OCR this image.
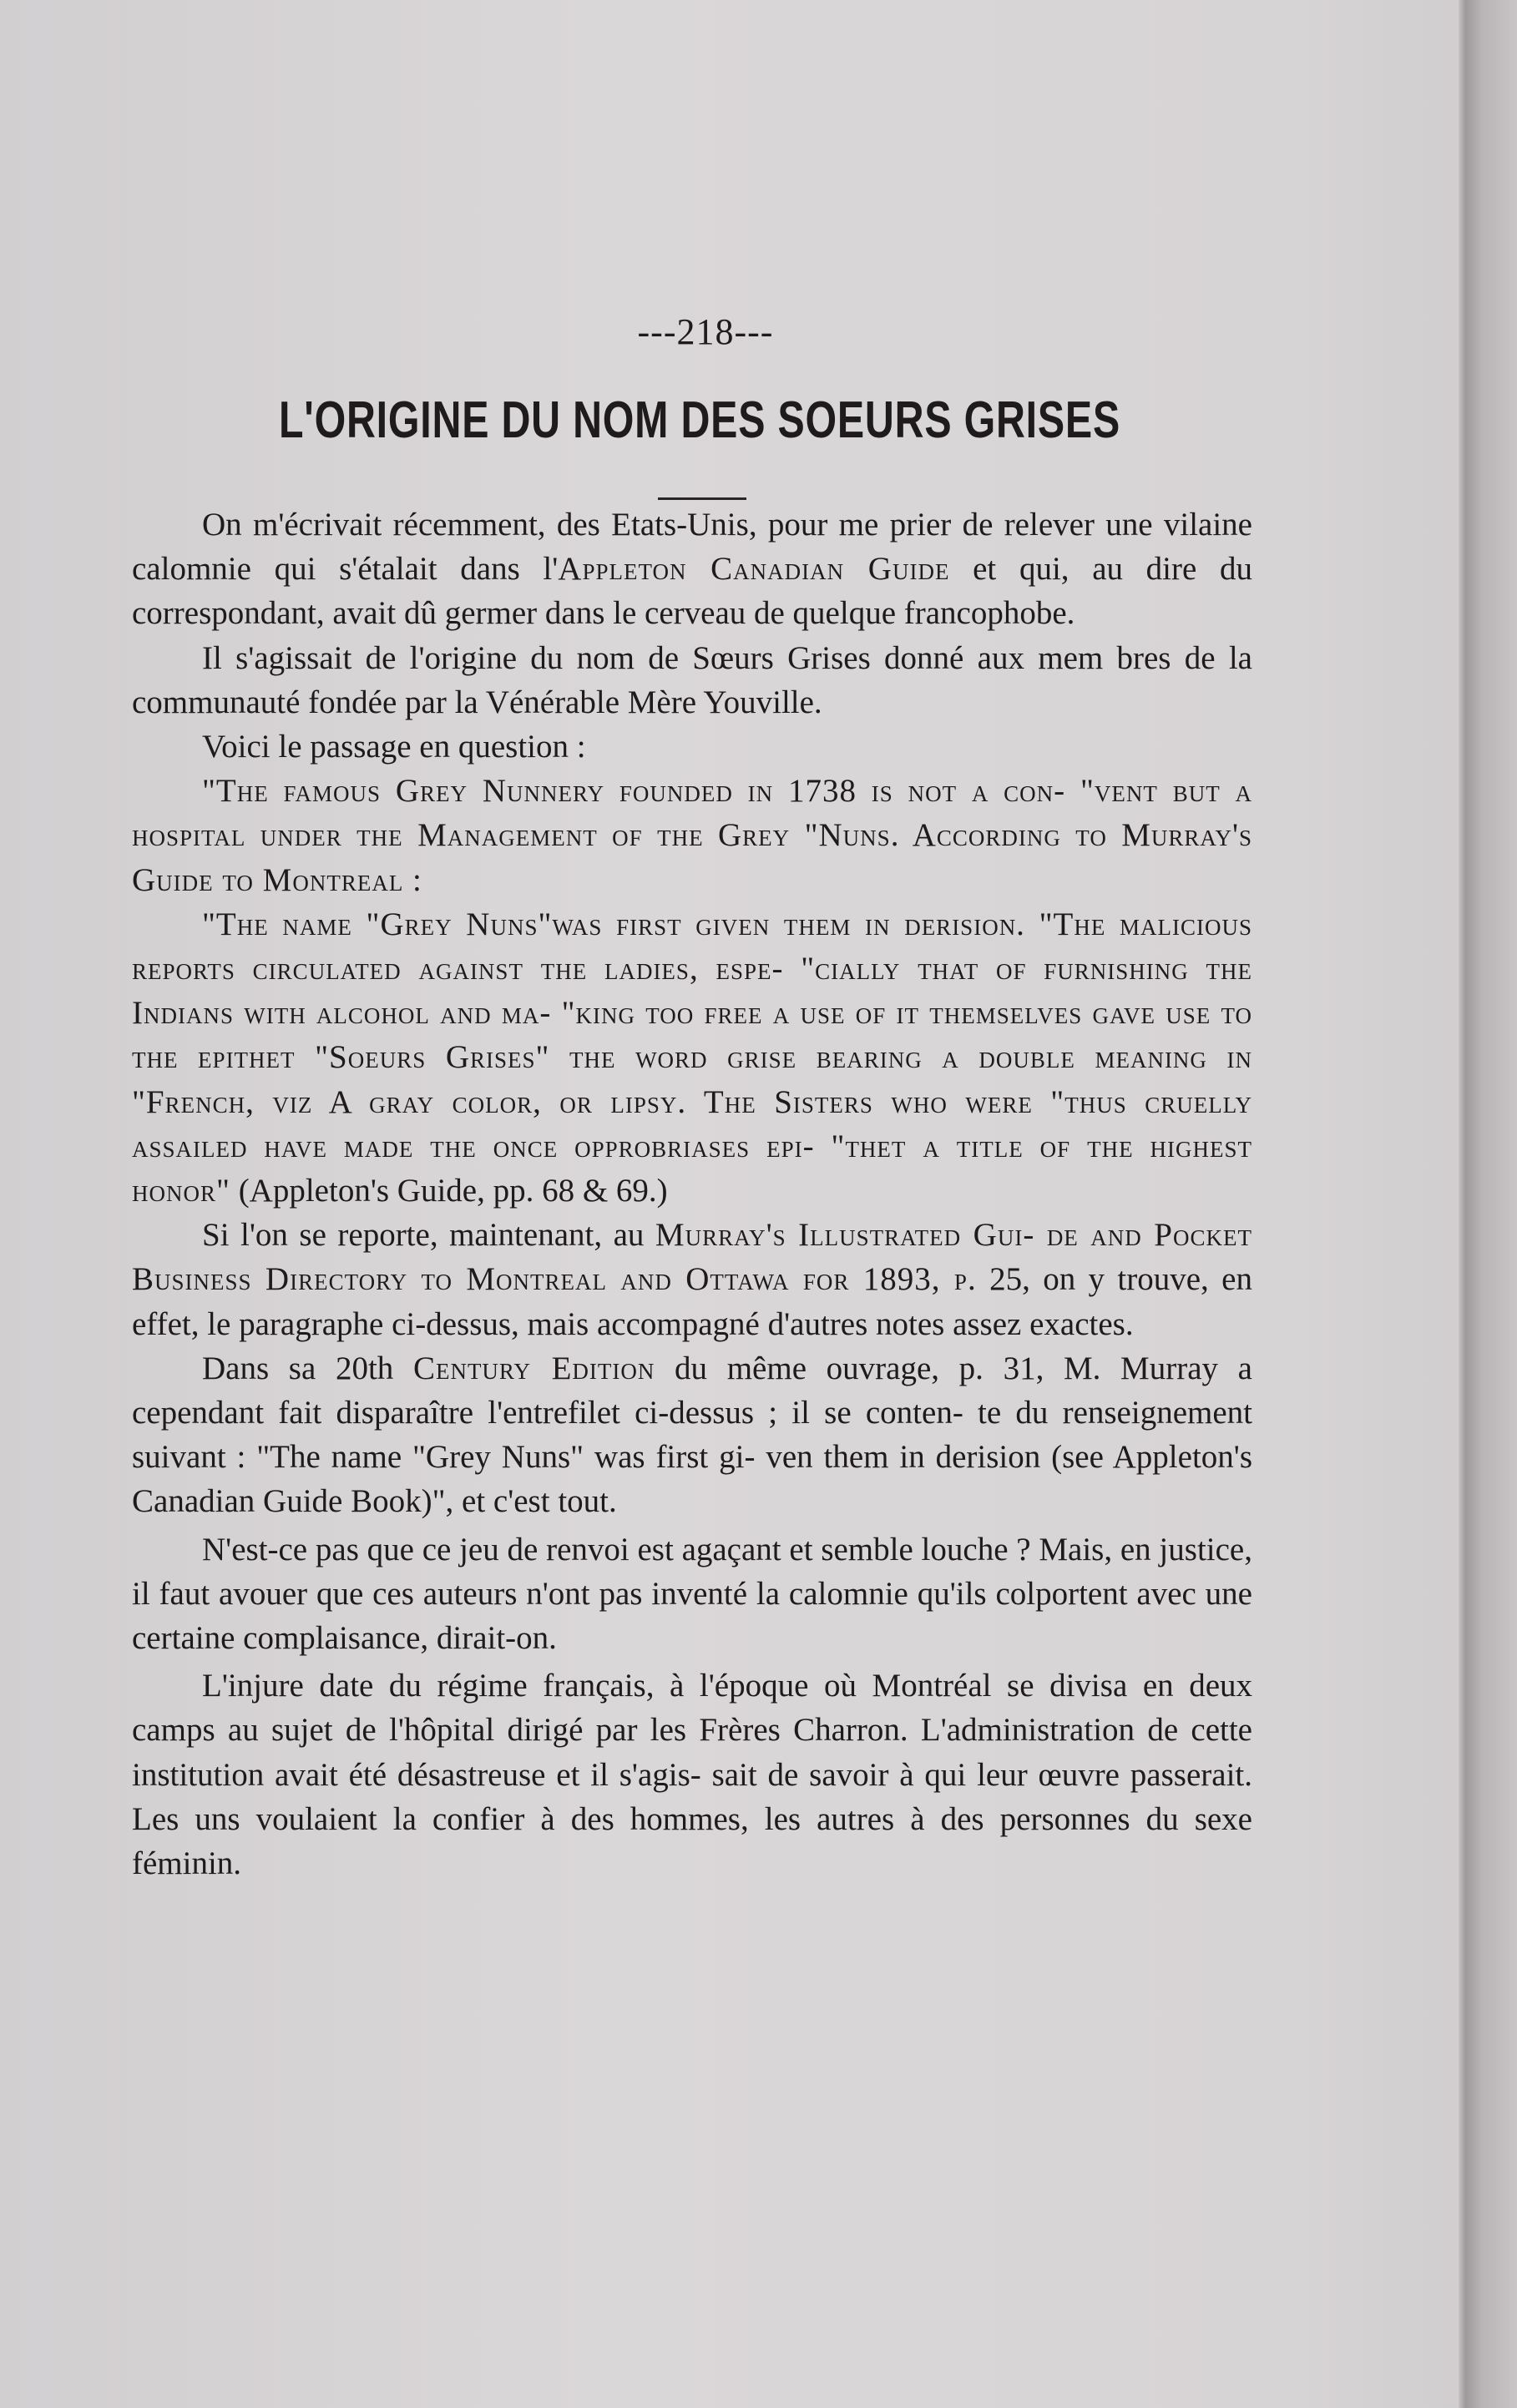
---218---
L'ORIGINE DU NOM DES SOEURS GRISES

On m'écrivait récemment, des Etats-Unis, pour me prier de relever une vilaine calomnie qui s'étalait dans l'Appleton Canadian Guide et qui, au dire du correspondant, avait dû germer dans le cerveau de quelque francophobe.

Il s'agissait de l'origine du nom de Sœurs Grises donné aux mem bres de la communauté fondée par la Vénérable Mère Youville.

Voici le passage en question :

"The famous Grey Nunnery founded in 1738 is not a con- "vent but a hospital under the Management of the Grey "Nuns. According to Murray's Guide to Montreal :

"The name "Grey Nuns"was first given them in derision. "The malicious reports circulated against the ladies, espe- "cially that of furnishing the Indians with alcohol and ma- "king too free a use of it themselves gave use to the epithet "Soeurs Grises" the word grise bearing a double meaning in "French, viz A gray color, or lipsy. The Sisters who were "thus cruelly assailed have made the once opprobriases epi- "thet a title of the highest honor" (Appleton's Guide, pp. 68 & 69.)

Si l'on se reporte, maintenant, au Murray's Illustrated Gui- de and Pocket Business Directory to Montreal and Ottawa for 1893, p. 25, on y trouve, en effet, le paragraphe ci-dessus, mais accompagné d'autres notes assez exactes.

Dans sa 20th Century Edition du même ouvrage, p. 31, M. Murray a cependant fait disparaître l'entrefilet ci-dessus ; il se conten- te du renseignement suivant : "The name "Grey Nuns" was first gi- ven them in derision (see Appleton's Canadian Guide Book)", et c'est tout.

N'est-ce pas que ce jeu de renvoi est agaçant et semble louche ? Mais, en justice, il faut avouer que ces auteurs n'ont pas inventé la calomnie qu'ils colportent avec une certaine complaisance, dirait-on.

L'injure date du régime français, à l'époque où Montréal se divisa en deux camps au sujet de l'hôpital dirigé par les Frères Charron. L'administration de cette institution avait été désastreuse et il s'agis- sait de savoir à qui leur œuvre passerait. Les uns voulaient la confier à des hommes, les autres à des personnes du sexe féminin.
